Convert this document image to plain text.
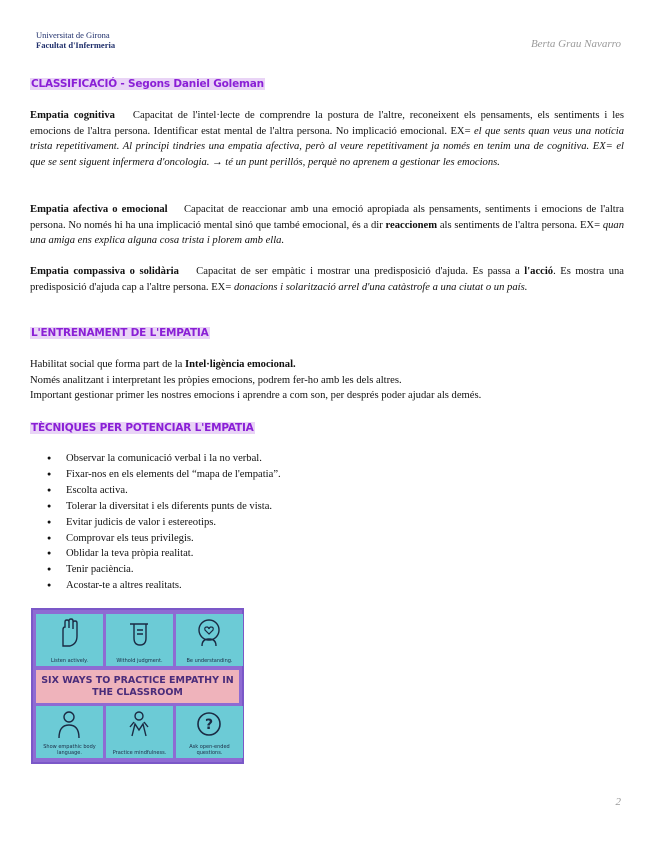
Universitat de Girona
Facultat d'Infermeria	Berta Grau Navarro
CLASSIFICACIÓ - Segons Daniel Goleman
Empatia cognitiva   Capacitat de l'intel·lecte de comprendre la postura de l'altre, reconeixent els pensaments, els sentiments i les emocions de l'altra persona. Identificar estat mental de l'altra persona. No implicació emocional. EX= el que sents quan veus una notícia trista repetitivament. Al principi tindries una empatia afectiva, però al veure repetitivament ja només en tenim una de cognitiva. EX= el que se sent siguent infermera d'oncologia. → té un punt perillós, perquè no aprenem a gestionar les emocions.
Empatia afectiva o emocional   Capacitat de reaccionar amb una emoció apropiada als pensaments, sentiments i emocions de l'altra persona. No només hi ha una implicació mental sinó que també emocional, és a dir reaccionem als sentiments de l'altra persona. EX= quan una amiga ens explica alguna cosa trista i plorem amb ella.
Empatia compassiva o solidària   Capacitat de ser empàtic i mostrar una predisposició d'ajuda. Es passa a l'acció. Es mostra una predisposició d'ajuda cap a l'altre persona. EX= donacions i solarització arrel d'una catàstrofe a una ciutat o un país.
L'ENTRENAMENT DE L'EMPATIA
Habilitat social que forma part de la Intel·ligència emocional.
Només analitzant i interpretant les pròpies emocions, podrem fer-ho amb les dels altres.
Important gestionar primer les nostres emocions i aprendre a com son, per després poder ajudar als demés.
TÈCNIQUES PER POTENCIAR L'EMPATIA
● Observar la comunicació verbal i la no verbal.
● Fixar-nos en els elements del “mapa de l'empatia”.
● Escolta activa.
● Tolerar la diversitat i els diferents punts de vista.
● Evitar judicis de valor i estereotips.
● Comprovar els teus privilegis.
● Oblidar la teva pròpia realitat.
● Tenir paciència.
● Acostar-te a altres realitats.
Listen actively.	Withold judgment.	Be understanding.
SIX WAYS TO PRACTICE EMPATHY IN THE CLASSROOM
Show empathic body language.	Practice mindfulness.
?
Ask open-ended questions.
2
